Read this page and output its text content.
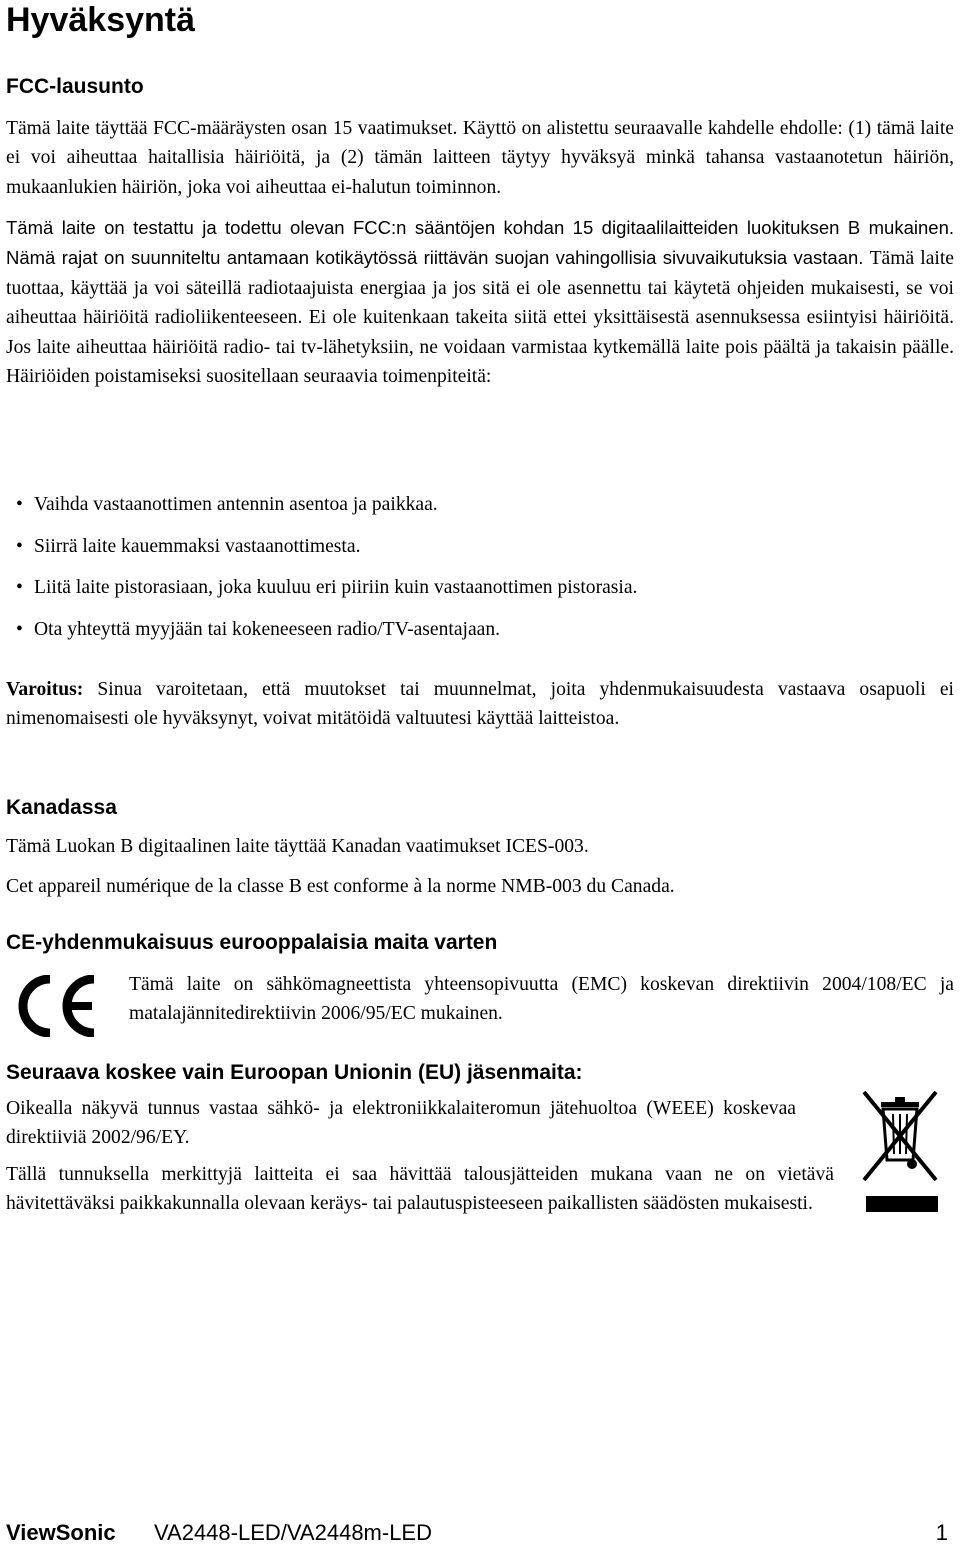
Hyväksyntä
FCC-lausunto

Tämä laite täyttää FCC-määräysten osan 15 vaatimukset. Käyttö on alistettu seuraavalle kahdelle ehdolle: (1) tämä laite ei voi aiheuttaa haitallisia häiriöitä, ja (2) tämän laitteen täytyy hyväksyä minkä tahansa vastaanotetun häiriön, mukaanlukien häiriön, joka voi aiheuttaa ei-halutun toiminnon.

Tämä laite on testattu ja todettu olevan FCC:n sääntöjen kohdan 15 digitaalilaitteiden luokituksen B mukainen. Nämä rajat on suunniteltu antamaan kotikäytössä riittävän suojan vahingollisia sivuvaikutuksia vastaan. Tämä laite tuottaa, käyttää ja voi säteillä radiotaajuista energiaa ja jos sitä ei ole asennettu tai käytetä ohjeiden mukaisesti, se voi aiheuttaa häiriöitä radioliikenteeseen. Ei ole kuitenkaan takeita siitä ettei yksittäisestä asennuksessa esiintyisi häiriöitä. Jos laite aiheuttaa häiriöitä radio- tai tv-lähetyksiin, ne voidaan varmistaa kytkemällä laite pois päältä ja takaisin päälle. Häiriöiden poistamiseksi suositellaan seuraavia toimenpiteitä:

• Vaihda vastaanottimen antennin asentoa ja paikkaa.
• Siirrä laite kauemmaksi vastaanottimesta.
• Liitä laite pistorasiaan, joka kuuluu eri piiriin kuin vastaanottimen pistorasia.
• Ota yhteyttä myyjään tai kokeneeseen radio/TV-asentajaan.

Varoitus: Sinua varoitetaan, että muutokset tai muunnelmat, joita yhdenmukaisuudesta vastaava osapuoli ei nimenomaisesti ole hyväksynyt, voivat mitätöidä valtuutesi käyttää laitteistoa.

Kanadassa

Tämä Luokan B digitaalinen laite täyttää Kanadan vaatimukset ICES-003.

Cet appareil numérique de la classe B est conforme à la norme NMB-003 du Canada.

CE-yhdenmukaisuus eurooppalaisia maita varten

Tämä laite on sähkömagneettista yhteensopivuutta (EMC) koskevan direktiivin 2004/108/EC ja matalajännitedirektiivin 2006/95/EC mukainen.

Seuraava koskee vain Euroopan Unionin (EU) jäsenmaita:

Oikealla näkyvä tunnus vastaa sähkö- ja elektroniikkalaiteromun jätehuoltoa (WEEE) koskevaa direktiiviä 2002/96/EY.

Tällä tunnuksella merkittyjä laitteita ei saa hävittää talousjätteiden mukana vaan ne on vietävä hävitettäväksi paikkakunnalla olevaan keräys- tai palautuspisteeseen paikallisten säädösten mukaisesti.

ViewSonic	VA2448-LED/VA2448m-LED	1
